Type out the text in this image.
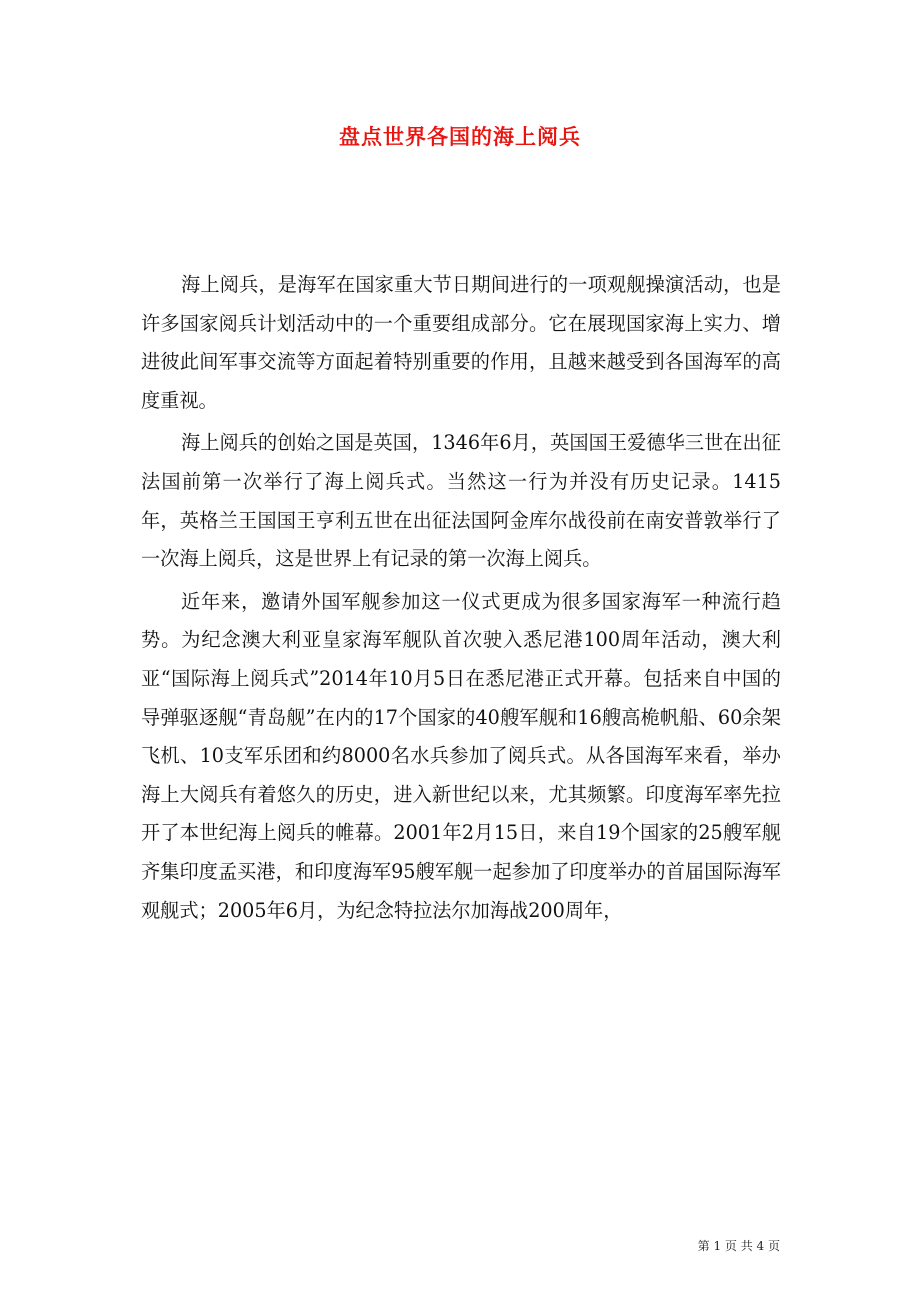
盘点世界各国的海上阅兵

海上阅兵，是海军在国家重大节日期间进行的一项观舰操演活动，也是许多国家阅兵计划活动中的一个重要组成部分。它在展现国家海上实力、增进彼此间军事交流等方面起着特别重要的作用，且越来越受到各国海军的高度重视。

海上阅兵的创始之国是英国，1346年6月，英国国王爱德华三世在出征法国前第一次举行了海上阅兵式。当然这一行为并没有历史记录。1415年，英格兰王国国王亨利五世在出征法国阿金库尔战役前在南安普敦举行了一次海上阅兵，这是世界上有记录的第一次海上阅兵。

近年来，邀请外国军舰参加这一仪式更成为很多国家海军一种流行趋势。为纪念澳大利亚皇家海军舰队首次驶入悉尼港100周年活动，澳大利亚“国际海上阅兵式”2014年10月5日在悉尼港正式开幕。包括来自中国的导弹驱逐舰“青岛舰”在内的17个国家的40艘军舰和16艘高桅帆船、60余架飞机、10支军乐团和约8000名水兵参加了阅兵式。从各国海军来看，举办海上大阅兵有着悠久的历史，进入新世纪以来，尤其频繁。印度海军率先拉开了本世纪海上阅兵的帷幕。2001年2月15日，来自19个国家的25艘军舰齐集印度孟买港，和印度海军95艘军舰一起参加了印度举办的首届国际海军观舰式；2005年6月，为纪念特拉法尔加海战200周年，

第 1 页 共 4 页
